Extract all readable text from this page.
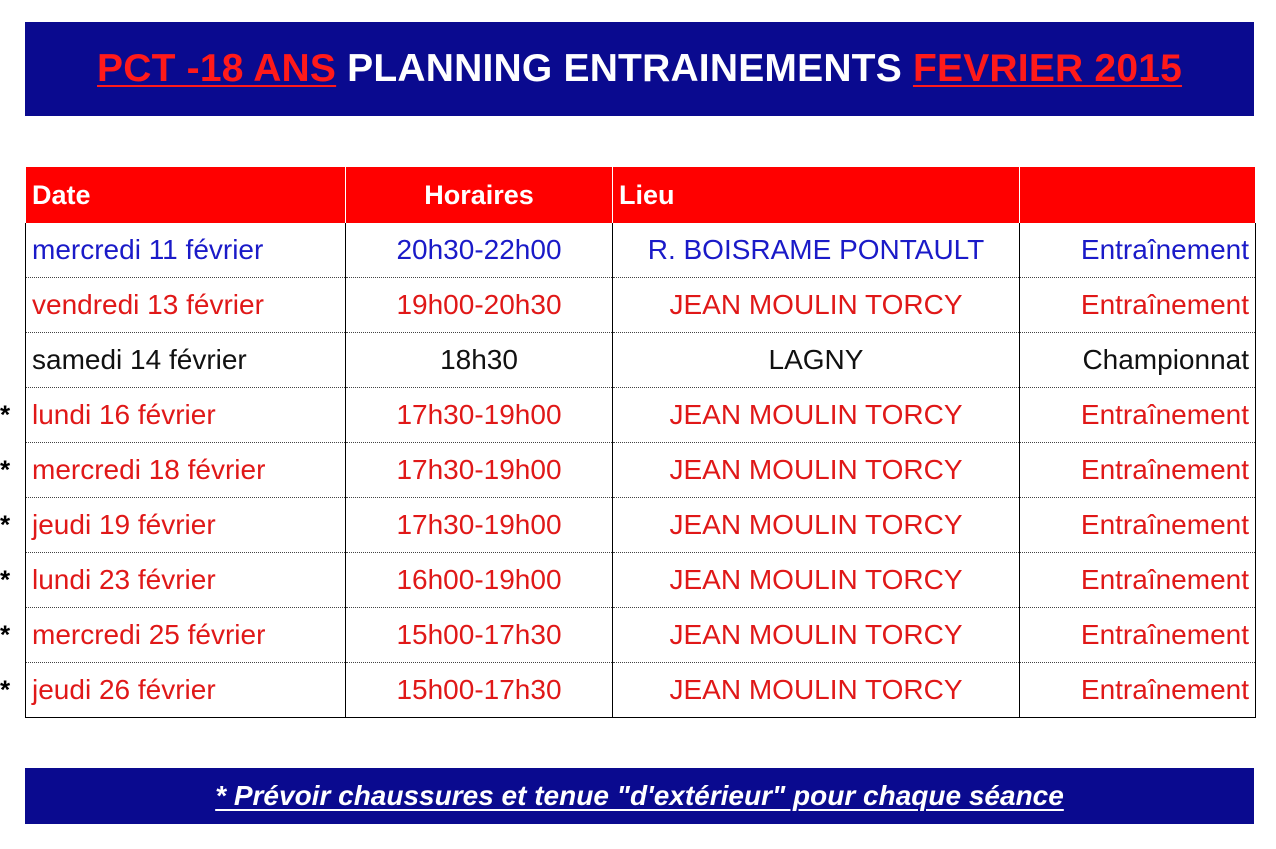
PCT -18 ANS PLANNING ENTRAINEMENTS FEVRIER 2015
Date	Horaires	Lieu	

mercredi 11 février	20h30-22h00	R. BOISRAME PONTAULT	Entraînement

vendredi 13 février	19h00-20h30	JEAN MOULIN TORCY	Entraînement

samedi 14 février	18h30	LAGNY	Championnat

* lundi 16 février	17h30-19h00	JEAN MOULIN TORCY	Entraînement

* mercredi 18 février	17h30-19h00	JEAN MOULIN TORCY	Entraînement

* jeudi 19 février	17h30-19h00	JEAN MOULIN TORCY	Entraînement

* lundi 23 février	16h00-19h00	JEAN MOULIN TORCY	Entraînement

* mercredi 25 février	15h00-17h30	JEAN MOULIN TORCY	Entraînement

* jeudi 26 février	15h00-17h30	JEAN MOULIN TORCY	Entraînement
* Prévoir chaussures et tenue "d'extérieur" pour chaque séance
